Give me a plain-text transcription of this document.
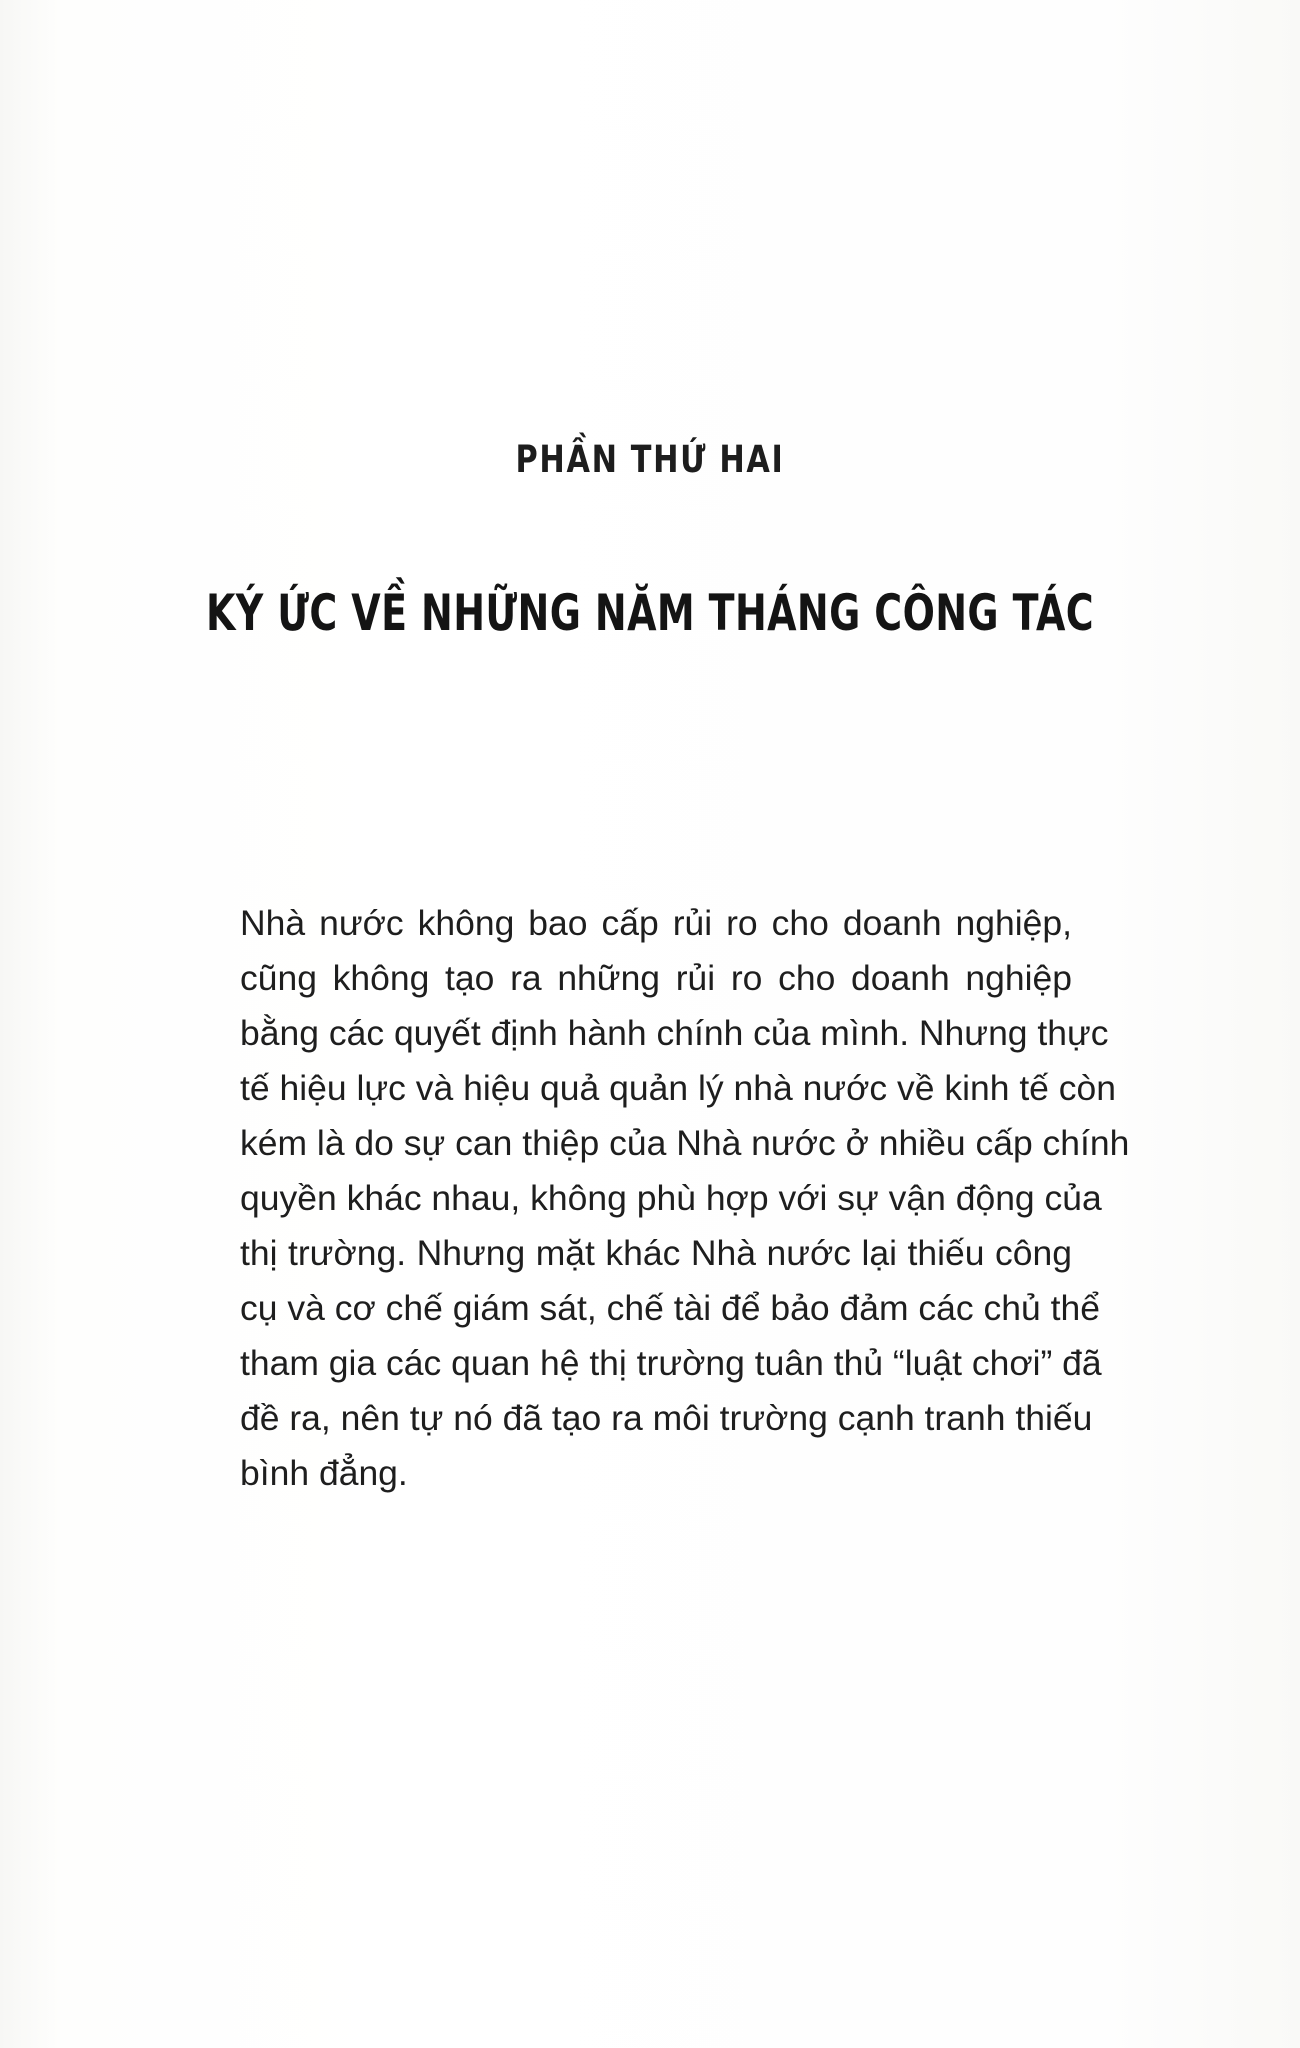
PHẦN THỨ HAI
KÝ ỨC VỀ NHỮNG NĂM THÁNG CÔNG TÁC

Nhà nước không bao cấp rủi ro cho doanh nghiệp,
cũng không tạo ra những rủi ro cho doanh nghiệp
bằng các quyết định hành chính của mình. Nhưng thực
tế hiệu lực và hiệu quả quản lý nhà nước về kinh tế còn
kém là do sự can thiệp của Nhà nước ở nhiều cấp chính
quyền khác nhau, không phù hợp với sự vận động của
thị trường. Nhưng mặt khác Nhà nước lại thiếu công
cụ và cơ chế giám sát, chế tài để bảo đảm các chủ thể
tham gia các quan hệ thị trường tuân thủ “luật chơi” đã
đề ra, nên tự nó đã tạo ra môi trường cạnh tranh thiếu
bình đẳng.
